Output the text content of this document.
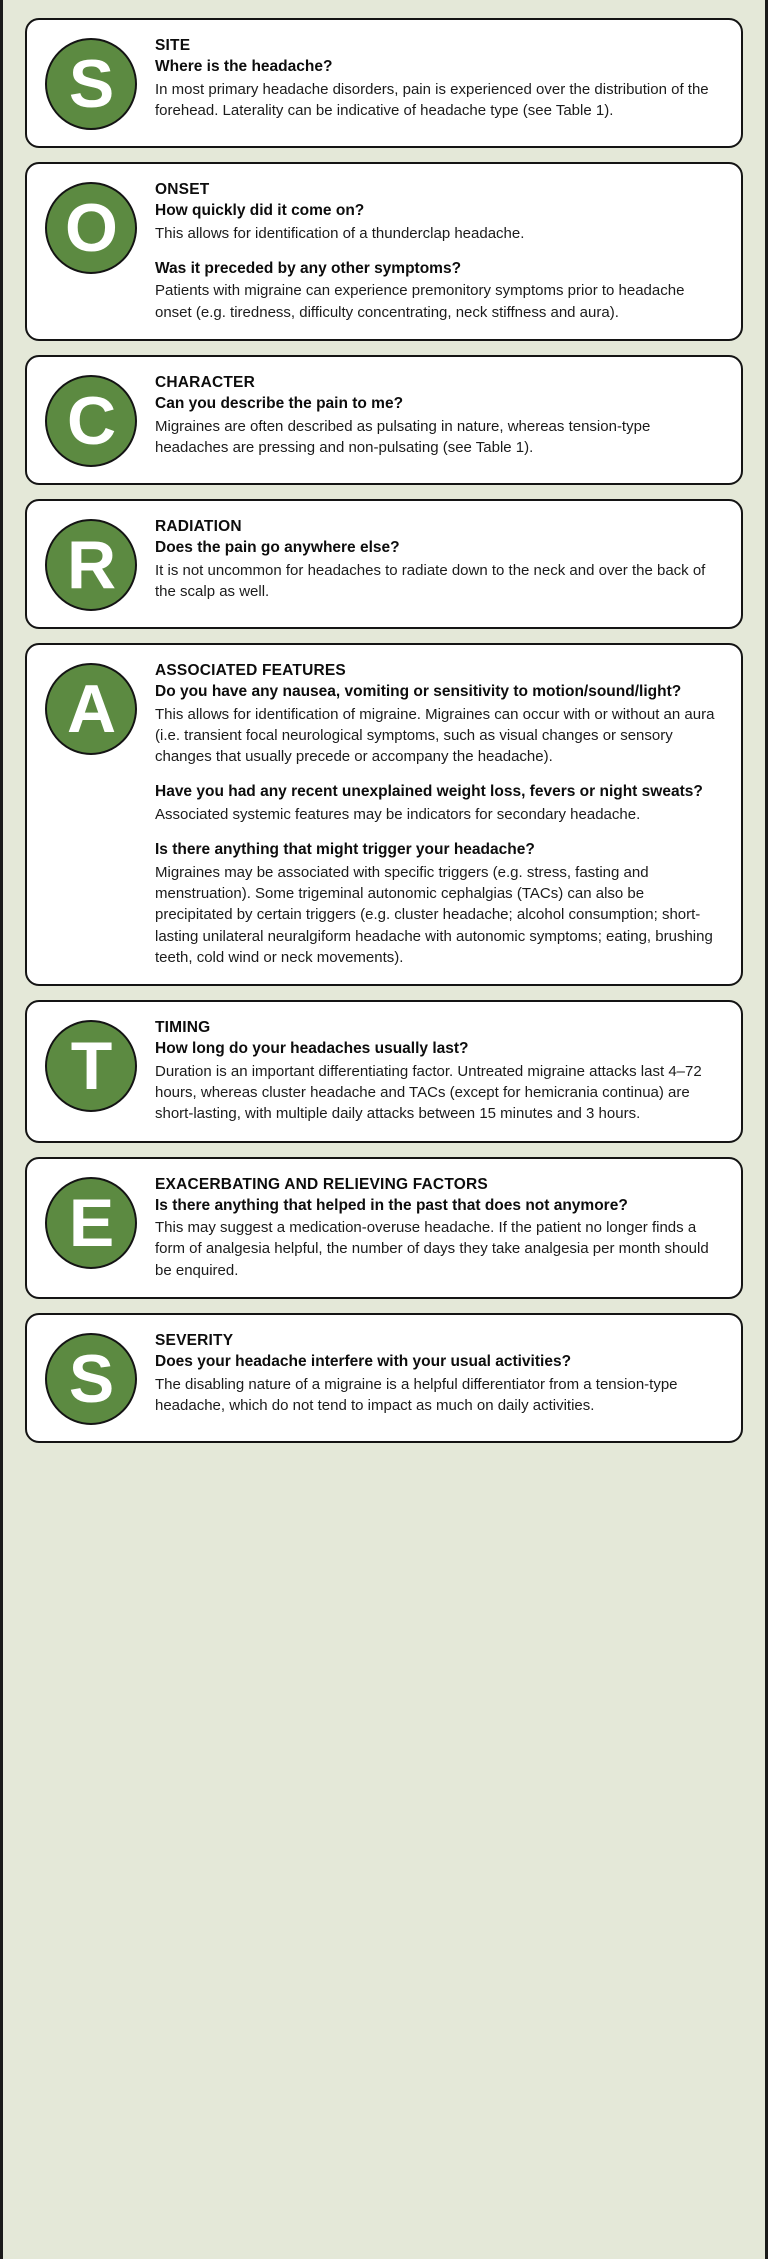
S
SITE
Where is the headache?
In most primary headache disorders, pain is experienced over the distribution of the forehead. Laterality can be indicative of headache type (see Table 1).
O
ONSET
How quickly did it come on?
This allows for identification of a thunderclap headache.
Was it preceded by any other symptoms?
Patients with migraine can experience premonitory symptoms prior to headache onset (e.g. tiredness, difficulty concentrating, neck stiffness and aura).
C
CHARACTER
Can you describe the pain to me?
Migraines are often described as pulsating in nature, whereas tension-type headaches are pressing and non-pulsating (see Table 1).
R
RADIATION
Does the pain go anywhere else?
It is not uncommon for headaches to radiate down to the neck and over the back of the scalp as well.
A
ASSOCIATED FEATURES
Do you have any nausea, vomiting or sensitivity to motion/sound/light?
This allows for identification of migraine. Migraines can occur with or without an aura (i.e. transient focal neurological symptoms, such as visual changes or sensory changes that usually precede or accompany the headache).
Have you had any recent unexplained weight loss, fevers or night sweats?
Associated systemic features may be indicators for secondary headache.
Is there anything that might trigger your headache?
Migraines may be associated with specific triggers (e.g. stress, fasting and menstruation). Some trigeminal autonomic cephalgias (TACs) can also be precipitated by certain triggers (e.g. cluster headache; alcohol consumption; short-lasting unilateral neuralgiform headache with autonomic symptoms; eating, brushing teeth, cold wind or neck movements).
T
TIMING
How long do your headaches usually last?
Duration is an important differentiating factor. Untreated migraine attacks last 4–72 hours, whereas cluster headache and TACs (except for hemicrania continua) are short-lasting, with multiple daily attacks between 15 minutes and 3 hours.
E
EXACERBATING AND RELIEVING FACTORS
Is there anything that helped in the past that does not anymore?
This may suggest a medication-overuse headache. If the patient no longer finds a form of analgesia helpful, the number of days they take analgesia per month should be enquired.
S
SEVERITY
Does your headache interfere with your usual activities?
The disabling nature of a migraine is a helpful differentiator from a tension-type headache, which do not tend to impact as much on daily activities.
